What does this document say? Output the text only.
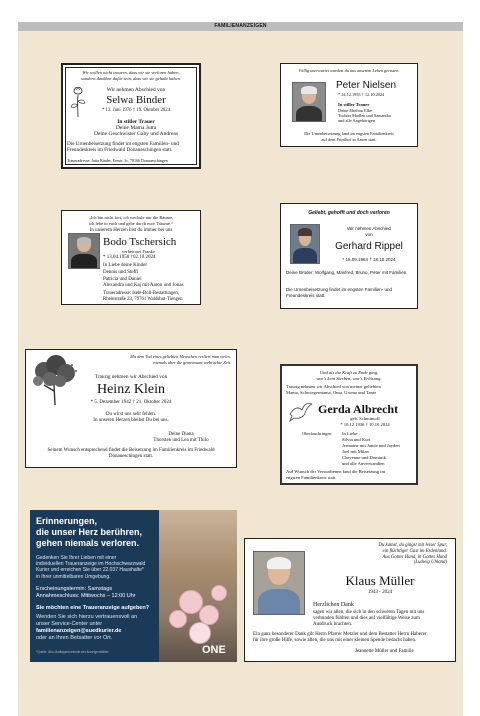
FAMILIENANZEIGEN
Wir wollen nicht trauern, dass wir sie verloren haben,
sondern dankbar dafür sein, dass wir sie gehabt haben.
Wir nehmen Abschied von
Selwa Binder
* 13. Juni 1976 † 19. Oktober 2024
In stiller Trauer
Deine Mama Jutta
Deine Geschwister Gaby und Andreas
Die Urnenbeisetzung findet im engsten Familien- und
Freundeskreis im Friedwald Donaueschingen statt.
Traueradresse: Jutta Binder, Ernstr. 3c, 78166 Donaueschingen
Völlig unerwartet wurdest du aus unserem Leben gerissen.
Peter Nielsen
* 24.12.1955 † 12.10.2024
In stiller Trauer
Deine Ehefrau Elke
Tochter Madlen und Samantha
und alle Angehörigen
Die Urnenbeisetzung fand im engsten Familienkreis
auf dem Friedhof in Aasen statt.
„Ich bin nicht fort, ich wechsle nur die Räume,
ich lebe in euch und gehe durch eure Träume.“
In unserem Herzen bist du immer bei uns
Bodo Tschersich
verheiratet Franke
* 13.04.1950 †02.10.2024
In Liebe deine Kinder
Dennis und Steffi
Patricia und Daniel
Alexandra und Kaj mit Aaron und Jonas
Traueradresse: Isele-Boll-Bestattungen,
Rheinstraße 23, 79761 Waldshut-Tiengen
Geliebt, gehofft und doch verloren
Wir nehmen Abschied
von
Gerhard Rippel
* 15.09.1964 † 18.10.2024
Deine Brüder: Wolfgang, Manfred, Bruno, Peter mit Familien.
Die Urnenbeisetzung findet im engsten Familien- und
Freundeskreis statt.
Mit dem Tod eines geliebten Menschen verliert man vieles,
niemals aber die gemeinsam verbrachte Zeit.
Traurig nehmen wir Abschied von
Heinz Klein
* 5. Dezember 1942 † 21. Oktober 2024
Du wirst uns sehr fehlen.
In unseren Herzen bleibst Du bei uns.
Deine Diana
Thorsten und Lea mit Thilo
Seinem Wunsch entsprechend findet die Beisetzung im Familienkreis im Friedwald
Donaueschingen statt.
Und als die Kraft zu Ende ging,
war's kein Sterben, war's Erlösung.
Traurig nehmen wir Abschied von meiner geliebten
Mama, Schwiegermama, Oma, Uroma und Tante
Gerda Albrecht
geb. Schmimoff
* 10.12.1936 † 10.10.2024
Oberlauchringen In Liebe
Silvia und Kurt
Jermaine mit Jamie und Jayden
Joel mit Milan
Cheyenne und Dominik
und alle Anverwandten
Auf Wunsch der Verstorbenen fand die Beisetzung im
engsten Familienkreis statt.
Erinnerungen,
die unser Herz berühren,
gehen niemals verloren.
Gedenken Sie Ihrer Lieben mit einer
individuellen Traueranzeige im Hochschwarzwald
Kurier und erreichen Sie über 22.037 Haushalte*
in Ihrer unmittelbaren Umgebung.
Erscheinungstermin: Samstags
Annahmeschluss: Mittwochs – 12:00 Uhr
Sie möchten eine Traueranzeige aufgeben?
Wenden Sie sich hierzu vertrauensvoll an
unser Service-Center unter
familienanzeigen@suedkurier.de
oder an Ihren Betsatter vor Ort.
*Quelle: Abo-/Auflagenkontrolle der Anzeigenblätter	ONE
Du kamst, du gingst mit leiser Spur,
ein flüchtiger Gast im Erdenland.
Aus Gottes Hand, in Gottes Hand
(Ludwig Uhland)
Klaus Müller
1943 - 2024
Herzlichen Dank
sagen wir allen, die sich in den schweren Tagen mit uns
verbunden fühlten und dies auf vielfältige Weise zum
Ausdruck brachten.
Ein ganz besonderer Dank gilt Herrn Pfarrer Metzler und dem Bestatter Herrn Haberer
für ihre große Hilfe, sowie allen, die uns mit einer kleinen Spende bedacht haben.
Jeannette Müller und Familie
